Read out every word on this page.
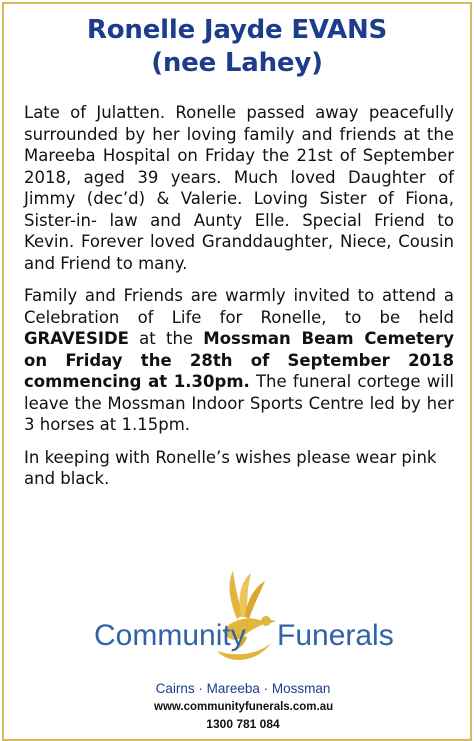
Ronelle Jayde EVANS
(nee Lahey)

Late of Julatten. Ronelle passed away peacefully surrounded by her loving family and friends at the Mareeba Hospital on Friday the 21st of September 2018, aged 39 years. Much loved Daughter of Jimmy (dec’d) & Valerie. Loving Sister of Fiona, Sister-in- law and Aunty Elle. Special Friend to Kevin. Forever loved Granddaughter, Niece, Cousin and Friend to many.

Family and Friends are warmly invited to attend a Celebration of Life for Ronelle, to be held GRAVESIDE at the Mossman Beam Cemetery on Friday the 28th of September 2018 commencing at 1.30pm. The funeral cortege will leave the Mossman Indoor Sports Centre led by her 3 horses at 1.15pm.

In keeping with Ronelle’s wishes please wear pink and black.

Community Funerals
Cairns · Mareeba · Mossman
www.communityfunerals.com.au
1300 781 084
